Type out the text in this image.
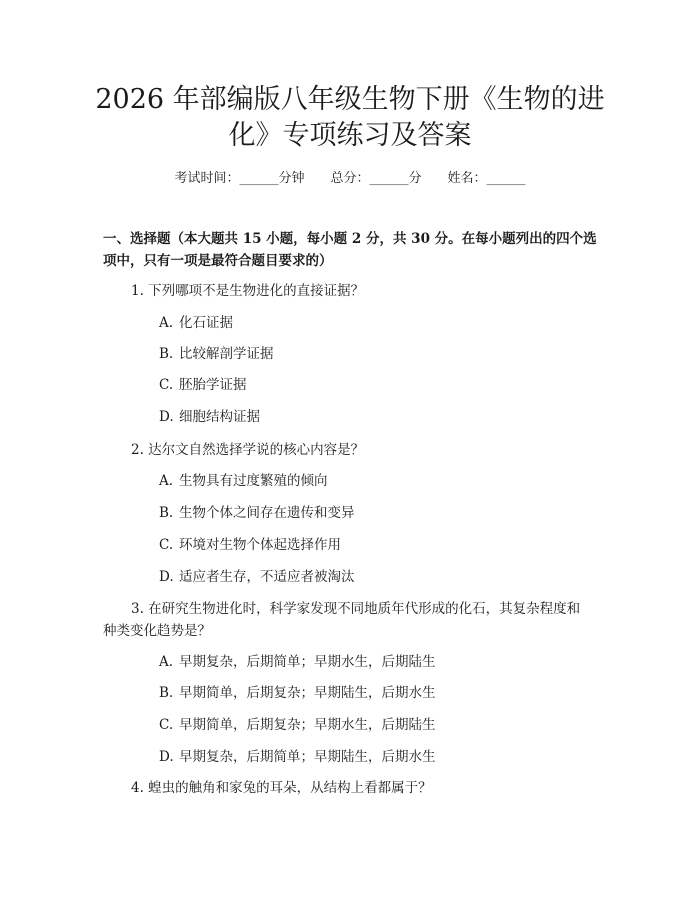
2026 年部编版八年级生物下册《生物的进
化》专项练习及答案
考试时间：______分钟　　总分：______分　　姓名：______
一、选择题（本大题共 15 小题，每小题 2 分，共 30 分。在每小题列出的四个选
项中，只有一项是最符合题目要求的）
1. 下列哪项不是生物进化的直接证据？
A. 化石证据
B. 比较解剖学证据
C. 胚胎学证据
D. 细胞结构证据
2. 达尔文自然选择学说的核心内容是？
A. 生物具有过度繁殖的倾向
B. 生物个体之间存在遗传和变异
C. 环境对生物个体起选择作用
D. 适应者生存，不适应者被淘汰
3. 在研究生物进化时，科学家发现不同地质年代形成的化石，其复杂程度和
种类变化趋势是？
A. 早期复杂，后期简单；早期水生，后期陆生
B. 早期简单，后期复杂；早期陆生，后期水生
C. 早期简单，后期复杂；早期水生，后期陆生
D. 早期复杂，后期简单；早期陆生，后期水生
4. 蝗虫的触角和家兔的耳朵，从结构上看都属于？
